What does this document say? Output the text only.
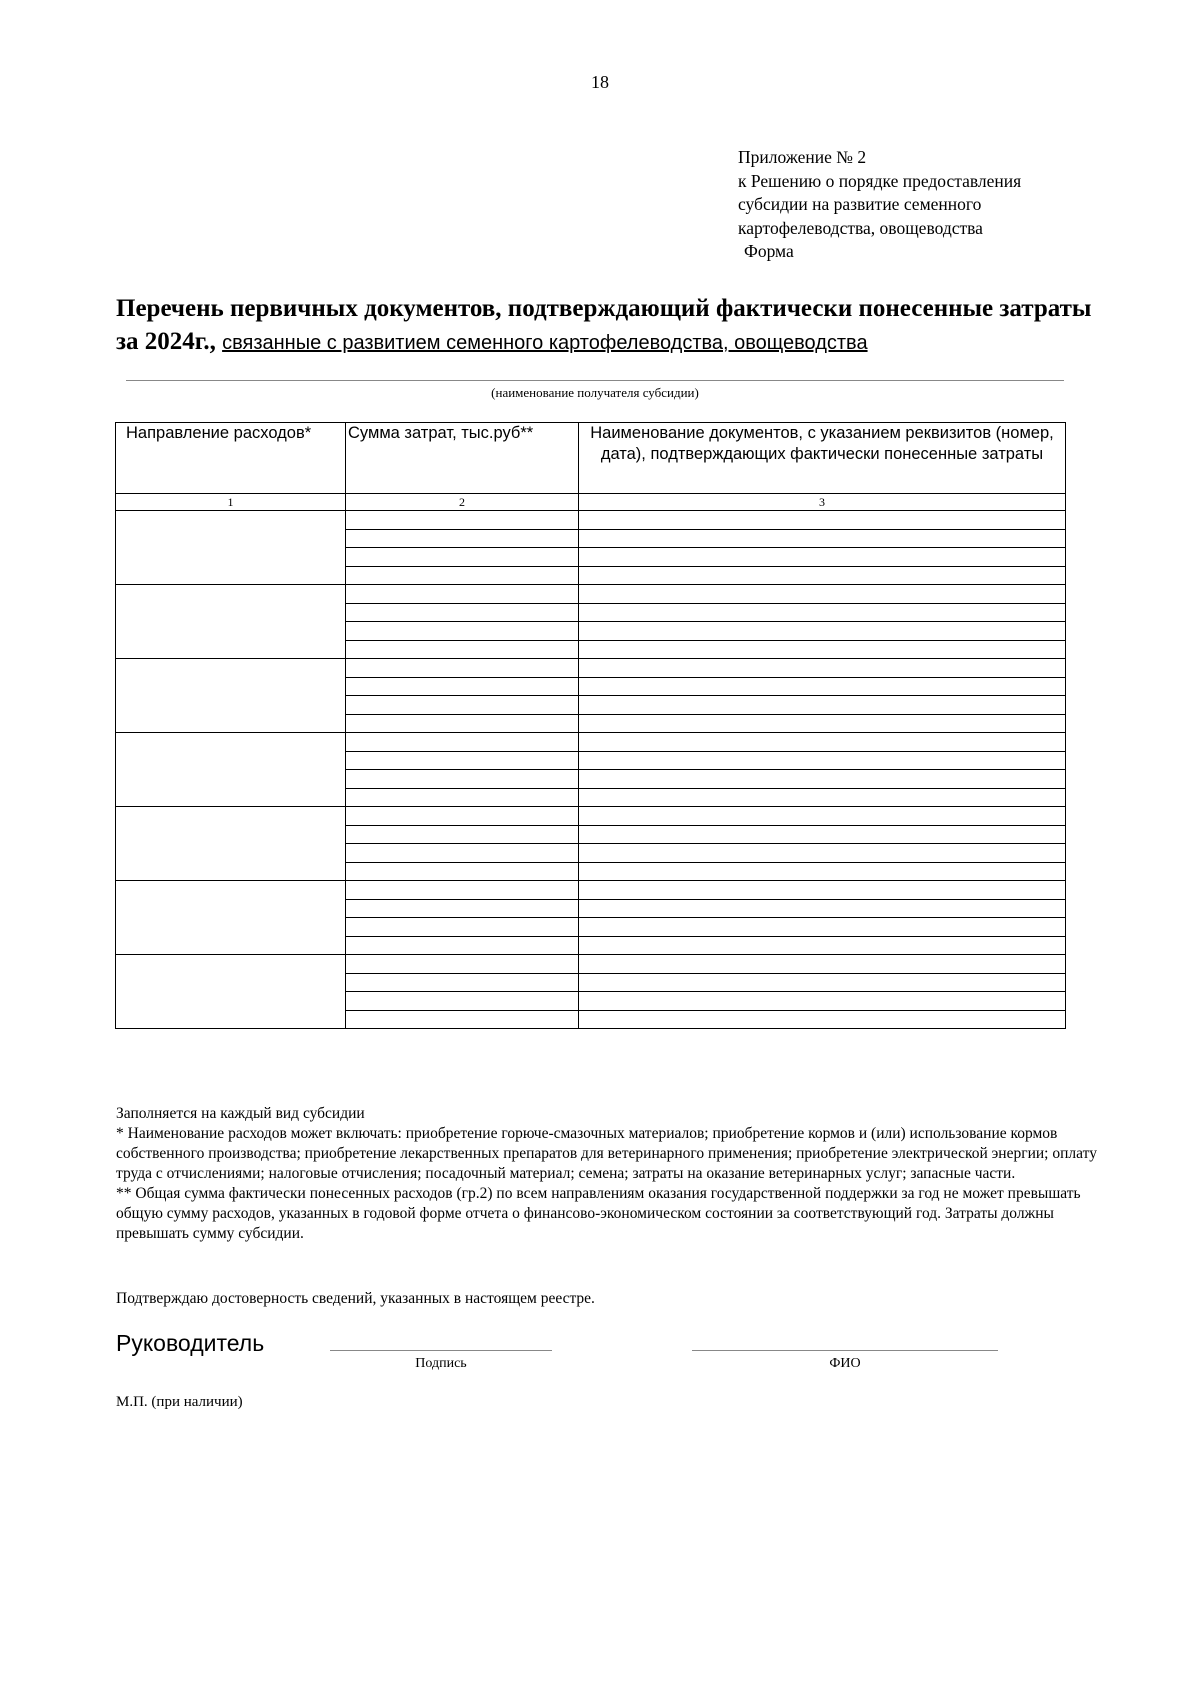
18
Приложение № 2
к Решению о порядке предоставления
субсидии на развитие семенного
картофелеводства, овощеводства
Форма
Перечень первичных документов, подтверждающий фактически понесенные затраты за 2024г., связанные с развитием семенного картофелеводства, овощеводства
(наименование получателя субсидии)
Направление расходов*	Сумма затрат, тыс.руб**	Наименование документов, с указанием реквизитов (номер, дата), подтверждающих фактически понесенные затраты
1	2	3

Заполняется на каждый вид субсидии

* Наименование расходов может включать: приобретение горюче-смазочных материалов; приобретение кормов и (или) использование кормов собственного производства; приобретение лекарственных препаратов для ветеринарного применения; приобретение электрической энергии; оплату труда с отчислениями; налоговые отчисления; посадочный материал; семена; затраты на оказание ветеринарных услуг; запасные части.

** Общая сумма фактически понесенных расходов (гр.2) по всем направлениям оказания государственной поддержки за год не может превышать общую сумму расходов, указанных в годовой форме отчета о финансово-экономическом состоянии за соответствующий год. Затраты должны превышать сумму субсидии.

Подтверждаю достоверность сведений, указанных в настоящем реестре.
Руководитель
Подпись	ФИО
М.П. (при наличии)
